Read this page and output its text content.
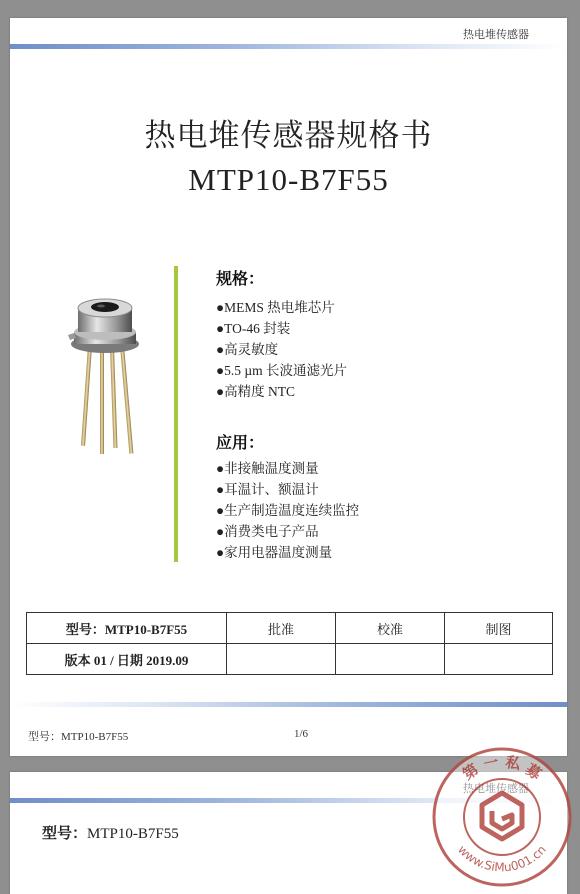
热电堆传感器
热电堆传感器规格书
MTP10-B7F55
规格：
●MEMS 热电堆芯片
●TO-46 封装
●高灵敏度
●5.5 µm 长波通滤光片
●高精度 NTC
应用：
●非接触温度测量
●耳温计、额温计
●生产制造温度连续监控
●消费类电子产品
●家用电器温度测量
型号：MTP10-B7F55	批准	校准	制图
版本 01 / 日期 2019.09			
型号：MTP10-B7F55	1/6
型号：MTP10-B7F55
第 一 私 募
www.SiMu001.cn
